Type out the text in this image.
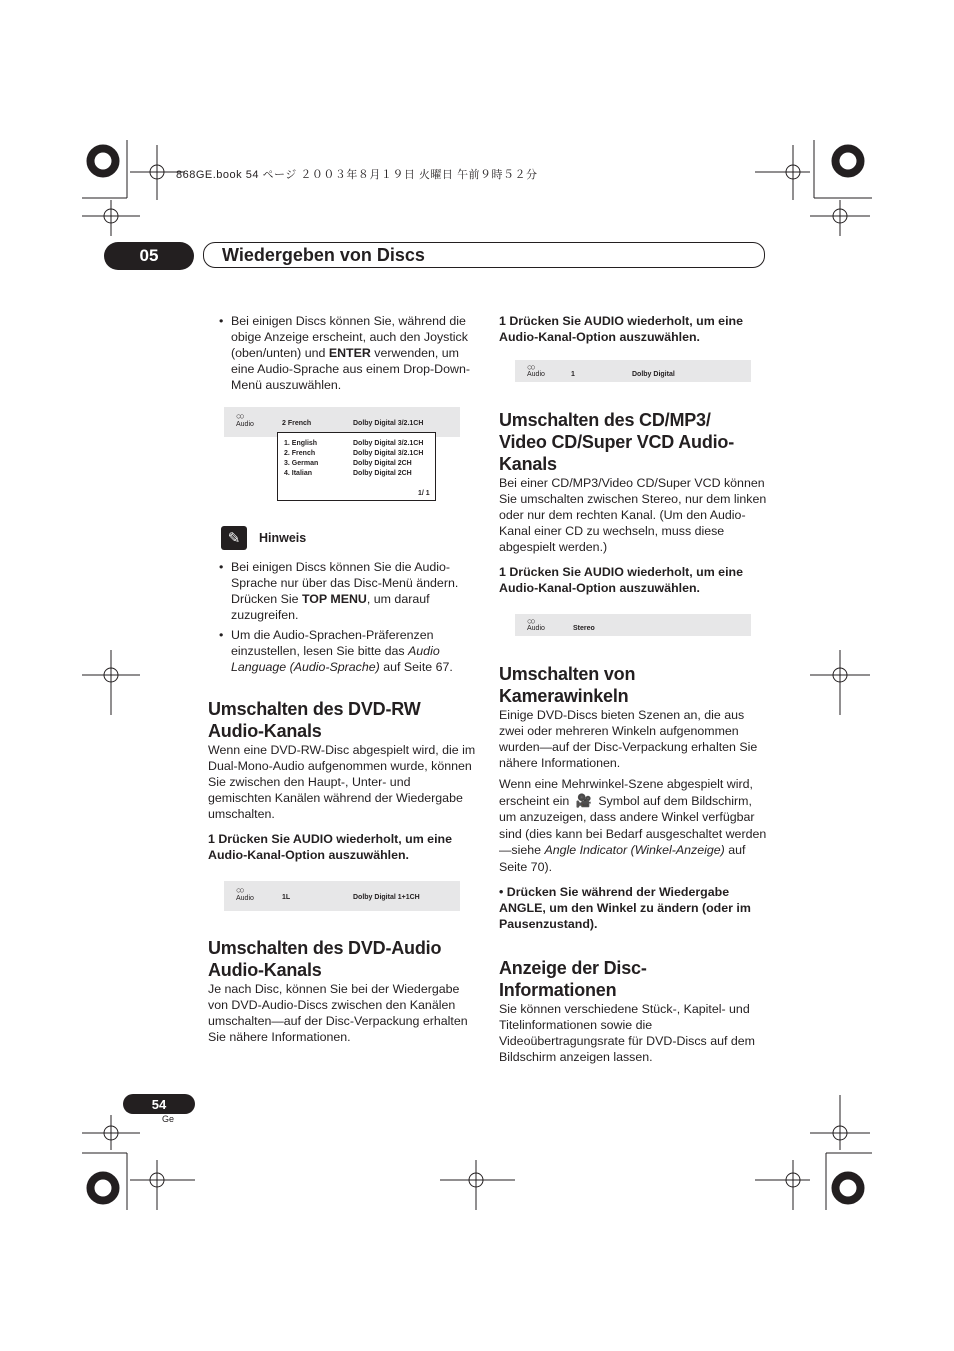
868GE.book 54 ページ ２００３年８月１９日 火曜日 午前９時５２分
05	Wiedergeben von Discs

• Bei einigen Discs können Sie, während die obige Anzeige erscheint, auch den Joystick (oben/unten) und ENTER verwenden, um eine Audio-Sprache aus einem Drop-Down-Menü auszuwählen.

○○
Audio	2 French	Dolby Digital 3/2.1CH
1. English	Dolby Digital 3/2.1CH
2. French	Dolby Digital 3/2.1CH
3. German	Dolby Digital 2CH
4. Italian	Dolby Digital 2CH
1/ 1
✎	Hinweis

• Bei einigen Discs können Sie die Audio-Sprache nur über das Disc-Menü ändern. Drücken Sie TOP MENU, um darauf zuzugreifen.

• Um die Audio-Sprachen-Präferenzen einzustellen, lesen Sie bitte das Audio Language (Audio-Sprache) auf Seite 67.

Umschalten des DVD-RW Audio-Kanals

Wenn eine DVD-RW-Disc abgespielt wird, die im Dual-Mono-Audio aufgenommen wurde, können Sie zwischen den Haupt-, Unter- und gemischten Kanälen während der Wiedergabe umschalten.

1 Drücken Sie AUDIO wiederholt, um eine Audio-Kanal-Option auszuwählen.

○○
Audio	1L	Dolby Digital 1+1CH
Umschalten des DVD-Audio Audio-Kanals

Je nach Disc, können Sie bei der Wiedergabe von DVD-Audio-Discs zwischen den Kanälen umschalten—auf der Disc-Verpackung erhalten Sie nähere Informationen.

1 Drücken Sie AUDIO wiederholt, um eine Audio-Kanal-Option auszuwählen.

○○
Audio	1	Dolby Digital
Umschalten des CD/MP3/ Video CD/Super VCD Audio-Kanals

Bei einer CD/MP3/Video CD/Super VCD können Sie umschalten zwischen Stereo, nur dem linken oder nur dem rechten Kanal. (Um den Audio-Kanal einer CD zu wechseln, muss diese abgespielt werden.)

1 Drücken Sie AUDIO wiederholt, um eine Audio-Kanal-Option auszuwählen.

○○
Audio	Stereo
Umschalten von Kamerawinkeln

Einige DVD-Discs bieten Szenen an, die aus zwei oder mehreren Winkeln aufgenommen wurden—auf der Disc-Verpackung erhalten Sie nähere Informationen.

Wenn eine Mehrwinkel-Szene abgespielt wird, erscheint ein 🎥 Symbol auf dem Bildschirm, um anzuzeigen, dass andere Winkel verfügbar sind (dies kann bei Bedarf ausgeschaltet werden—siehe Angle Indicator (Winkel-Anzeige) auf Seite 70).

• Drücken Sie während der Wiedergabe ANGLE, um den Winkel zu ändern (oder im Pausenzustand).

Anzeige der Disc-Informationen

Sie können verschiedene Stück-, Kapitel- und Titelinformationen sowie die Videoübertragungsrate für DVD-Discs auf dem Bildschirm anzeigen lassen.

54
Ge
